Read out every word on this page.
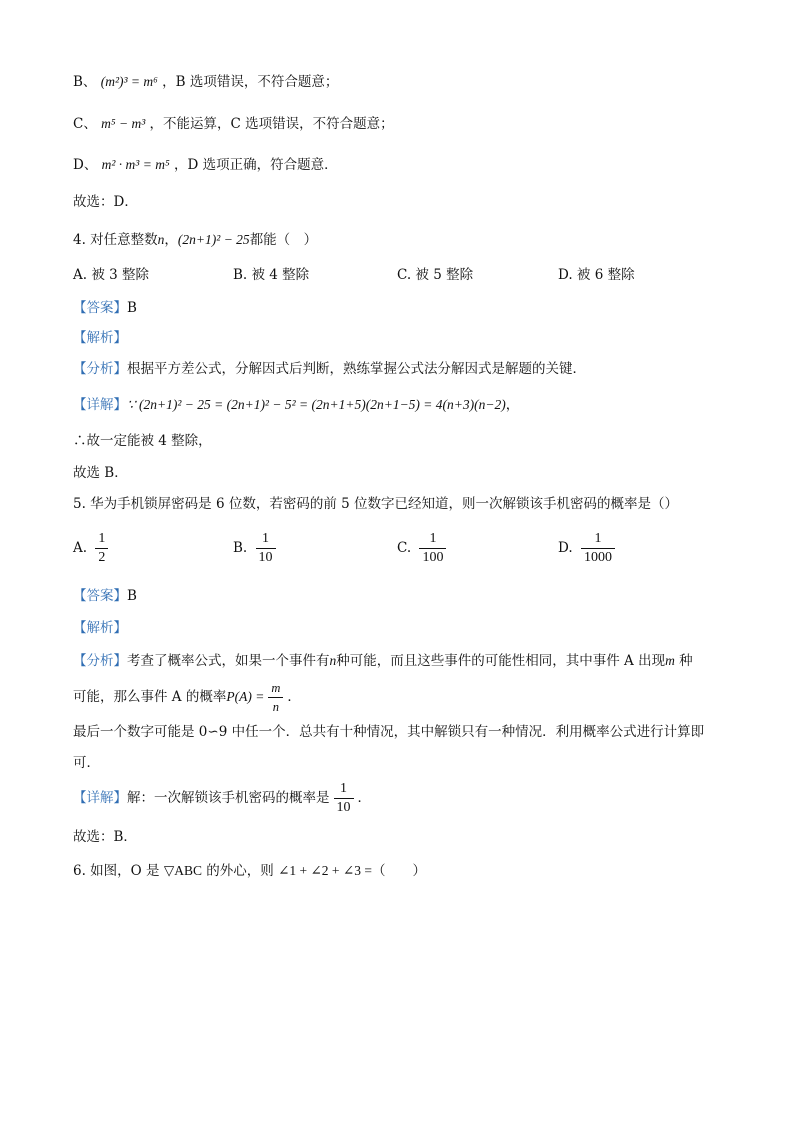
B、 (m²)³ = m⁶ ，B 选项错误，不符合题意；
C、 m⁵ − m³ ，不能运算，C 选项错误，不符合题意；
D、 m² · m³ = m⁵ ，D 选项正确，符合题意．
故选：D．
4. 对任意整数n，(2n+1)² − 25都能（　）
A. 被 3 整除	B. 被 4 整除	C. 被 5 整除	D. 被 6 整除
【答案】B
【解析】
【分析】根据平方差公式，分解因式后判断，熟练掌握公式法分解因式是解题的关键．
【详解】∵ (2n+1)² − 25 = (2n+1)² − 5² = (2n+1+5)(2n+1−5) = 4(n+3)(n−2)，
∴故一定能被 4 整除，
故选 B．
5. 华为手机锁屏密码是 6 位数，若密码的前 5 位数字已经知道，则一次解锁该手机密码的概率是（）
A. $\frac{1}{2}$	B. $\frac{1}{10}$	C. $\frac{1}{100}$	D. $\frac{1}{1000}$
【答案】B
【解析】
【分析】考查了概率公式，如果一个事件有n种可能，而且这些事件的可能性相同，其中事件 A 出现m 种
可能，那么事件 A 的概率$P(A) = \frac{m}{n}$ ．
最后一个数字可能是 0∽9 中任一个．总共有十种情况，其中解锁只有一种情况．利用概率公式进行计算即
可．
【详解】解：一次解锁该手机密码的概率是 $\frac{1}{10}$ ．
故选：B．
6. 如图，O 是 ▽ABC 的外心，则 ∠1 + ∠2 + ∠3 =（　　）
